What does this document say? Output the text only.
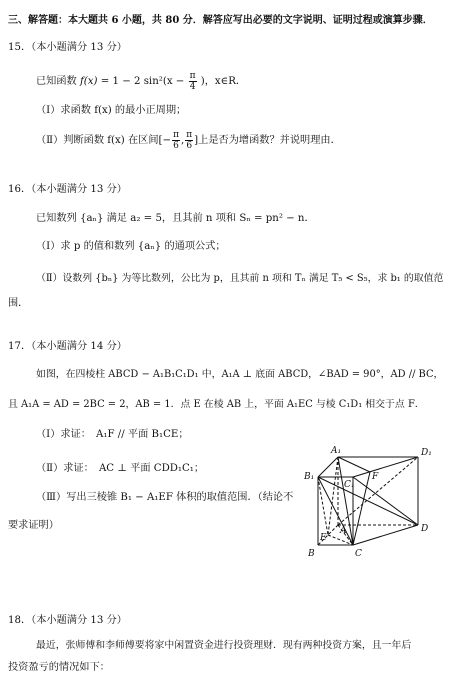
三、解答题：本大题共 6 小题，共 80 分．解答应写出必要的文字说明、证明过程或演算步骤．
15．（本小题满分 13 分）
已知函数 f(x) = 1 − 2 $\sin^2(x - \frac{\pi}{4}$ )，x∈R．
（Ⅰ）求函数 f(x) 的最小正周期；
（Ⅱ）判断函数 f(x) 在区间[− $\frac{\pi}{6}$ , $\frac{\pi}{6}$ ]上是否为增函数？并说明理由．
16．（本小题满分 13 分）
已知数列 {aₙ} 满足 a₂ = 5，且其前 n 项和 Sₙ = pn² − n．
（Ⅰ）求 p 的值和数列 {aₙ} 的通项公式；
（Ⅱ）设数列 {bₙ} 为等比数列，公比为 p，且其前 n 项和 Tₙ 满足 T₅ < S₅，求 b₁ 的取值范
围．
17．（本小题满分 14 分）
如图，在四棱柱 ABCD − A₁B₁C₁D₁ 中，A₁A ⊥ 底面 ABCD，∠BAD = 90°，AD // BC，
且 A₁A = AD = 2BC = 2，AB = 1．点 E 在棱 AB 上，平面 A₁EC 与棱 C₁D₁ 相交于点 F．
（Ⅰ）求证：　A₁F // 平面 B₁CE；
（Ⅱ）求证：　AC ⊥ 平面 CDD₁C₁；
（Ⅲ）写出三棱锥 B₁ − A₁EF 体积的取值范围．（结论不
要求证明）
A₁	D₁
B₁
C₁
F
A
E
D
B	C
18．（本小题满分 13 分）
最近，张师傅和李师傅要将家中闲置资金进行投资理财．现有两种投资方案，且一年后
投资盈亏的情况如下：
